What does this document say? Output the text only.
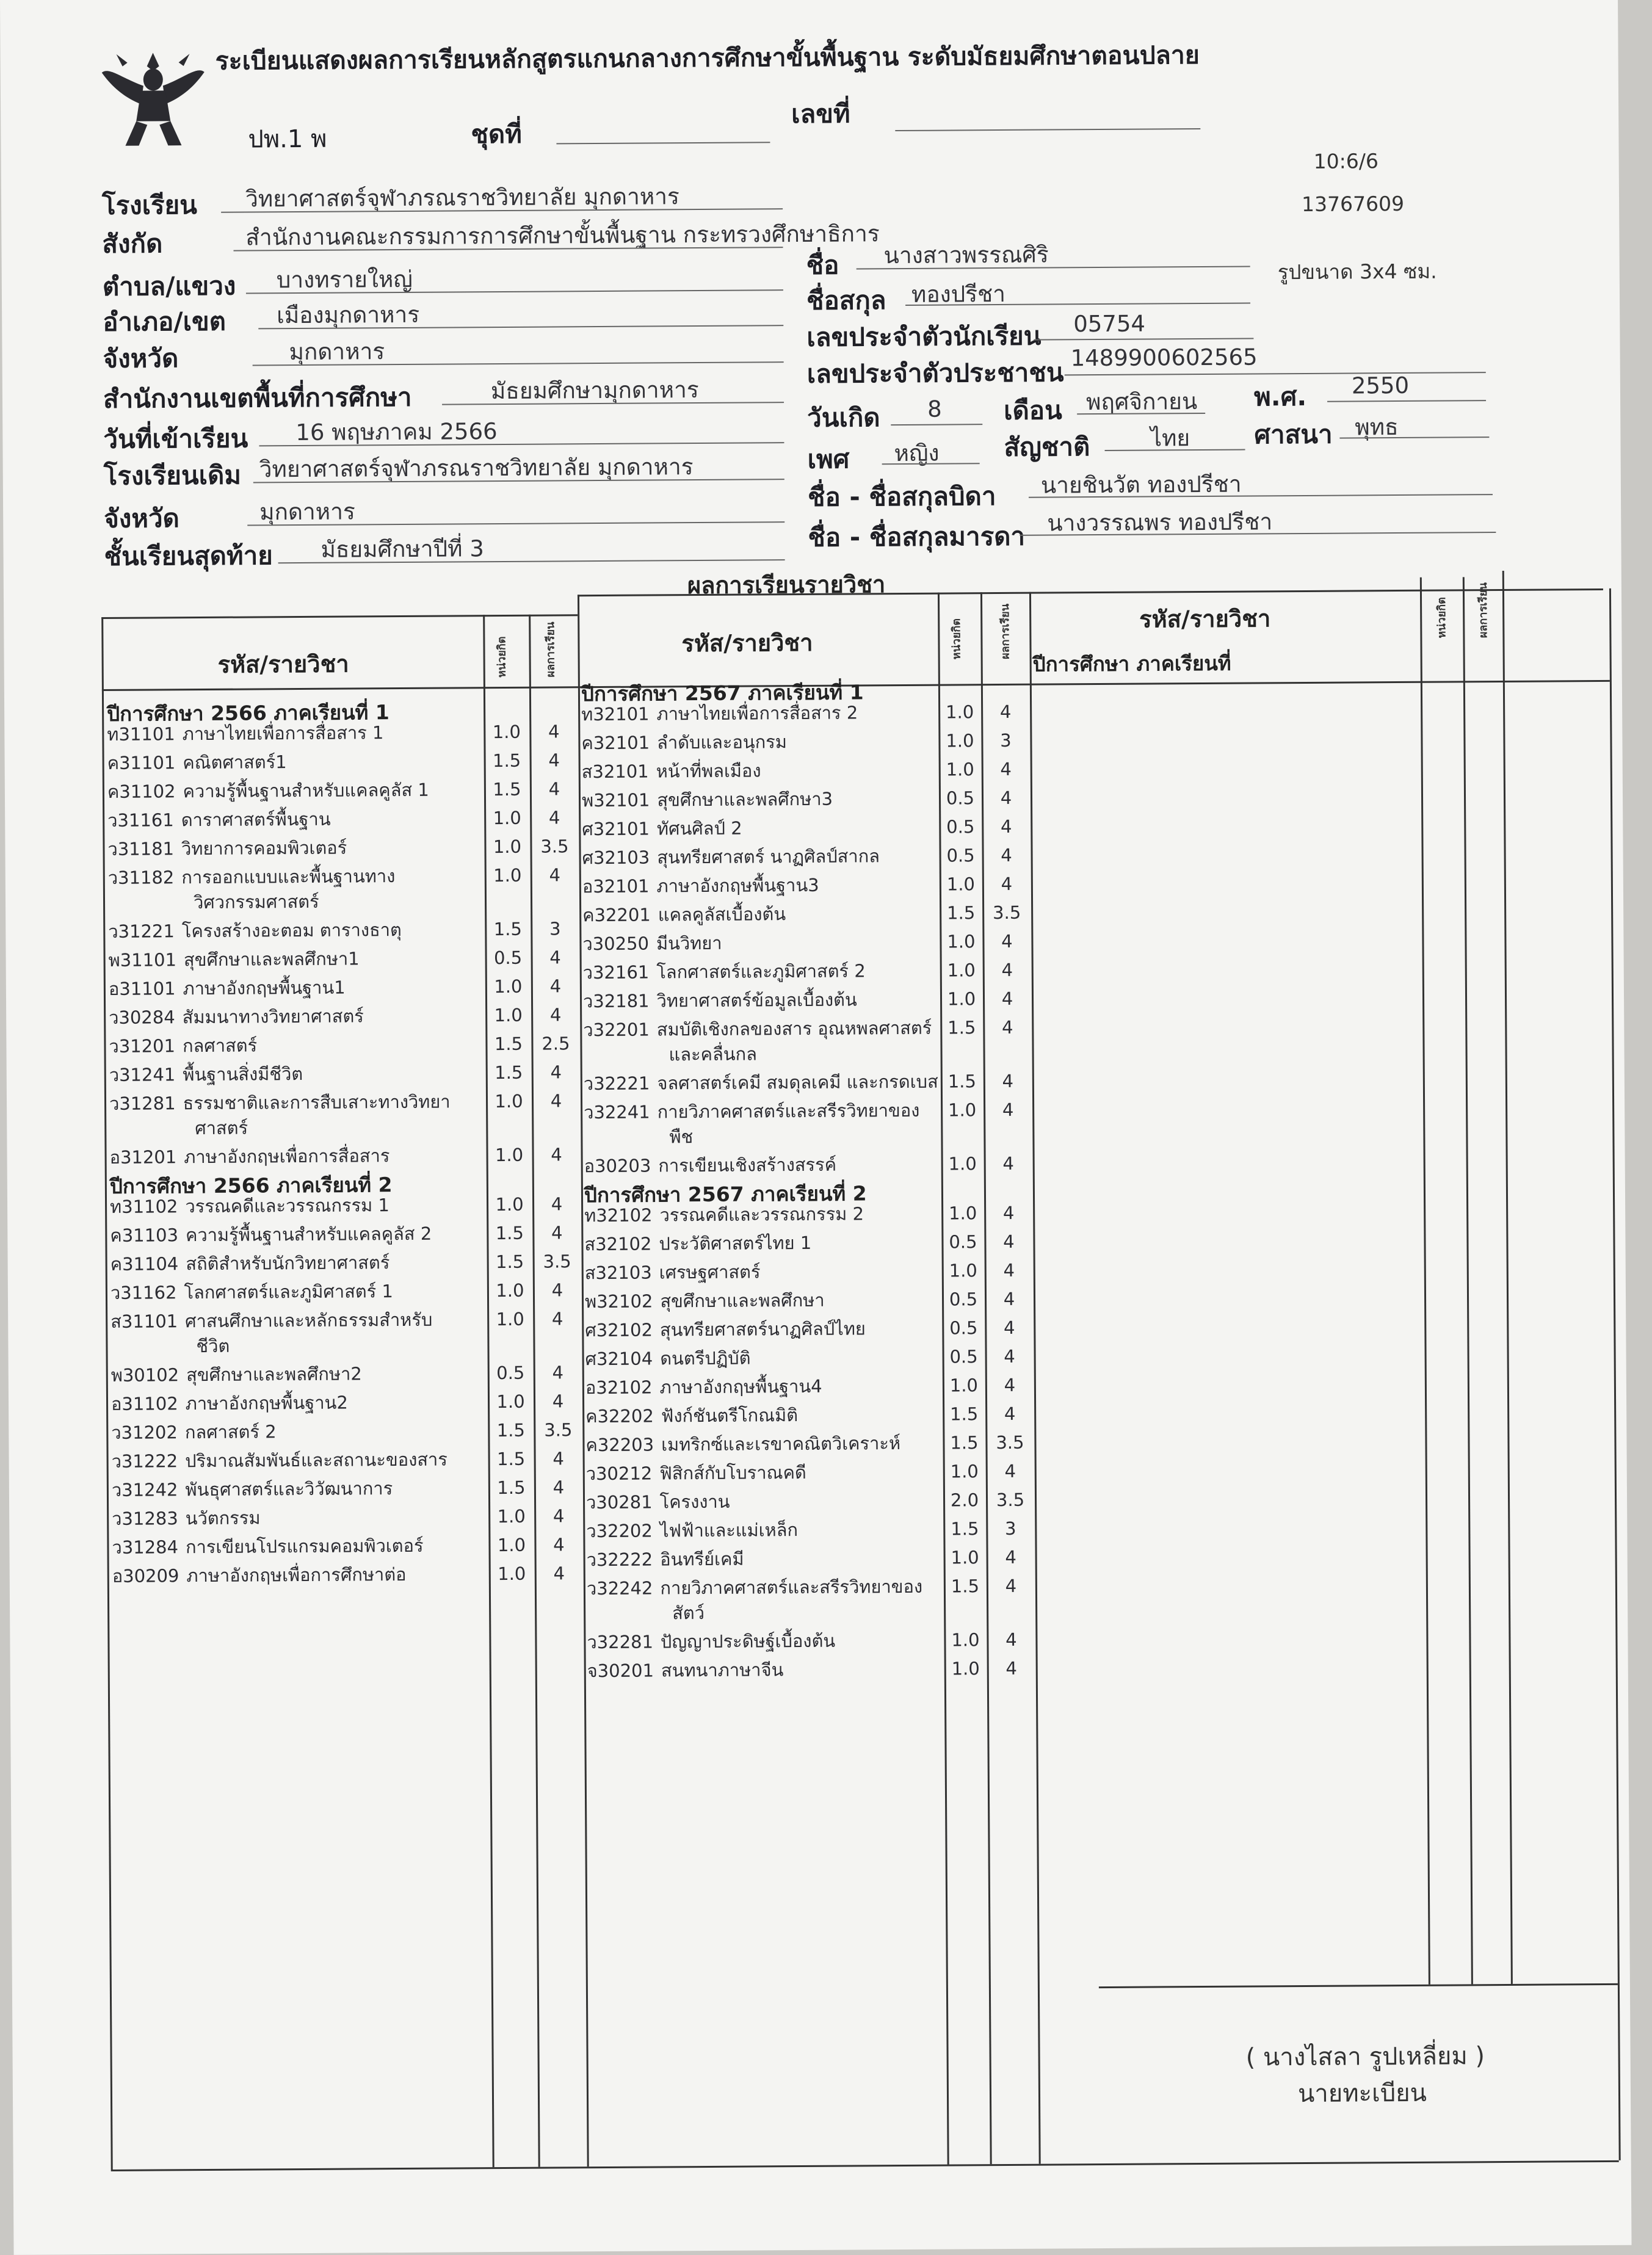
ระเบียนแสดงผลการเรียนหลักสูตรแกนกลางการศึกษาขั้นพื้นฐาน ระดับมัธยมศึกษาตอนปลาย
ปพ.1 พ	ชุดที่
เลขที่
10:6/6
13767609
รูปขนาด 3x4 ซม.
โรงเรียน วิทยาศาสตร์จุฬาภรณราชวิทยาลัย มุกดาหาร
สังกัด	สำนักงานคณะกรรมการการศึกษาขั้นพื้นฐาน กระทรวงศึกษาธิการ
ตำบล/แขวง บางทรายใหญ่
อำเภอ/เขต เมืองมุกดาหาร
จังหวัด	มุกดาหาร
สำนักงานเขตพื้นที่การศึกษา	มัธยมศึกษามุกดาหาร
วันที่เข้าเรียน 16 พฤษภาคม 2566
โรงเรียนเดิม วิทยาศาสตร์จุฬาภรณราชวิทยาลัย มุกดาหาร
จังหวัด	มุกดาหาร
ชั้นเรียนสุดท้าย มัธยมศึกษาปีที่ 3
ชื่อ นางสาวพรรณศิริ
ชื่อสกุล ทองปรีชา
เลขประจำตัวนักเรียน 05754
เลขประจำตัวประชาชน 1489900602565
วันเกิด 8 เดือน พฤศจิกายน พ.ศ. 2550
เพศ หญิง	สัญชาติ	ไทย ศาสนา พุทธ
ชื่อ - ชื่อสกุลบิดา นายชินวัต ทองปรีชา
ชื่อ - ชื่อสกุลมารดา นางวรรณพร ทองปรีชา
ผลการเรียนรายวิชา
รหัส/รายวิชา
รหัส/รายวิชา
รหัส/รายวิชา
หน่วยกิต	ผลการเรียน	หน่วยกิต	ผลการเรียน	หน่วยกิต	ผลการเรียน
ปีการศึกษา ภาคเรียนที่
ปีการศึกษา 2566 ภาคเรียนที่ 1
ท31101 ภาษาไทยเพื่อการสื่อสาร 1	1.0	4
ค31101 คณิตศาสตร์1	1.5	4
ค31102 ความรู้พื้นฐานสำหรับแคลคูลัส 1	1.5	4
ว31161 ดาราศาสตร์พื้นฐาน	1.0	4
ว31181 วิทยาการคอมพิวเตอร์	1.0	3.5
ว31182 การออกแบบและพื้นฐานทาง	1.0	4
วิศวกรรมศาสตร์
ว31221 โครงสร้างอะตอม ตารางธาตุ	1.5	3
พ31101 สุขศึกษาและพลศึกษา1	0.5	4
อ31101 ภาษาอังกฤษพื้นฐาน1	1.0	4
ว30284 สัมมนาทางวิทยาศาสตร์	1.0	4
ว31201 กลศาสตร์	1.5	2.5
ว31241 พื้นฐานสิ่งมีชีวิต	1.5	4
ว31281 ธรรมชาติและการสืบเสาะทางวิทยา	1.0	4
ศาสตร์
อ31201 ภาษาอังกฤษเพื่อการสื่อสาร	1.0	4
ปีการศึกษา 2566 ภาคเรียนที่ 2
ท31102 วรรณคดีและวรรณกรรม 1	1.0	4
ค31103 ความรู้พื้นฐานสำหรับแคลคูลัส 2	1.5	4
ค31104 สถิติสำหรับนักวิทยาศาสตร์	1.5	3.5
ว31162 โลกศาสตร์และภูมิศาสตร์ 1	1.0	4
ส31101 ศาสนศึกษาและหลักธรรมสำหรับ	1.0	4
ชีวิต
พ30102 สุขศึกษาและพลศึกษา2	0.5	4
อ31102 ภาษาอังกฤษพื้นฐาน2	1.0	4
ว31202 กลศาสตร์ 2	1.5	3.5
ว31222 ปริมาณสัมพันธ์และสถานะของสาร	1.5	4
ว31242 พันธุศาสตร์และวิวัฒนาการ	1.5	4
ว31283 นวัตกรรม	1.0	4
ว31284 การเขียนโปรแกรมคอมพิวเตอร์	1.0	4
อ30209 ภาษาอังกฤษเพื่อการศึกษาต่อ	1.0	4
ปีการศึกษา 2567 ภาคเรียนที่ 1
ท32101 ภาษาไทยเพื่อการสื่อสาร 2	1.0	4
ค32101 ลำดับและอนุกรม	1.0	3
ส32101 หน้าที่พลเมือง	1.0	4
พ32101 สุขศึกษาและพลศึกษา3	0.5	4
ศ32101 ทัศนศิลป์ 2	0.5	4
ศ32103 สุนทรียศาสตร์ นาฏศิลป์สากล	0.5	4
อ32101 ภาษาอังกฤษพื้นฐาน3	1.0	4
ค32201 แคลคูลัสเบื้องต้น	1.5 3.5
ว30250 มีนวิทยา	1.0	4
ว32161 โลกศาสตร์และภูมิศาสตร์ 2	1.0	4
ว32181 วิทยาศาสตร์ข้อมูลเบื้องต้น	1.0	4
ว32201 สมบัติเชิงกลของสาร อุณหพลศาสตร์ 1.5	4
และคลื่นกล
ว32221 จลศาสตร์เคมี สมดุลเคมี และกรดเบส 1.5	4
ว32241 กายวิภาคศาสตร์และสรีรวิทยาของ	1.0	4
พืช
อ30203 การเขียนเชิงสร้างสรรค์	1.0	4
ปีการศึกษา 2567 ภาคเรียนที่ 2
ท32102 วรรณคดีและวรรณกรรม 2	1.0	4
ส32102 ประวัติศาสตร์ไทย 1	0.5	4
ส32103 เศรษฐศาสตร์	1.0	4
พ32102 สุขศึกษาและพลศึกษา	0.5	4
ศ32102 สุนทรียศาสตร์นาฏศิลป์ไทย	0.5	4
ศ32104 ดนตรีปฏิบัติ	0.5	4
อ32102 ภาษาอังกฤษพื้นฐาน4	1.0	4
ค32202 ฟังก์ชันตรีโกณมิติ	1.5	4
ค32203 เมทริกซ์และเรขาคณิตวิเคราะห์	1.5 3.5
ว30212 ฟิสิกส์กับโบราณคดี	1.0	4
ว30281 โครงงาน	2.0 3.5
ว32202 ไฟฟ้าและแม่เหล็ก	1.5	3
ว32222 อินทรีย์เคมี	1.0	4
ว32242 กายวิภาคศาสตร์และสรีรวิทยาของ	1.5	4
สัตว์
ว32281 ปัญญาประดิษฐ์เบื้องต้น	1.0	4
จ30201 สนทนาภาษาจีน	1.0	4
( นางไสลา รูปเหลี่ยม )
นายทะเบียน
